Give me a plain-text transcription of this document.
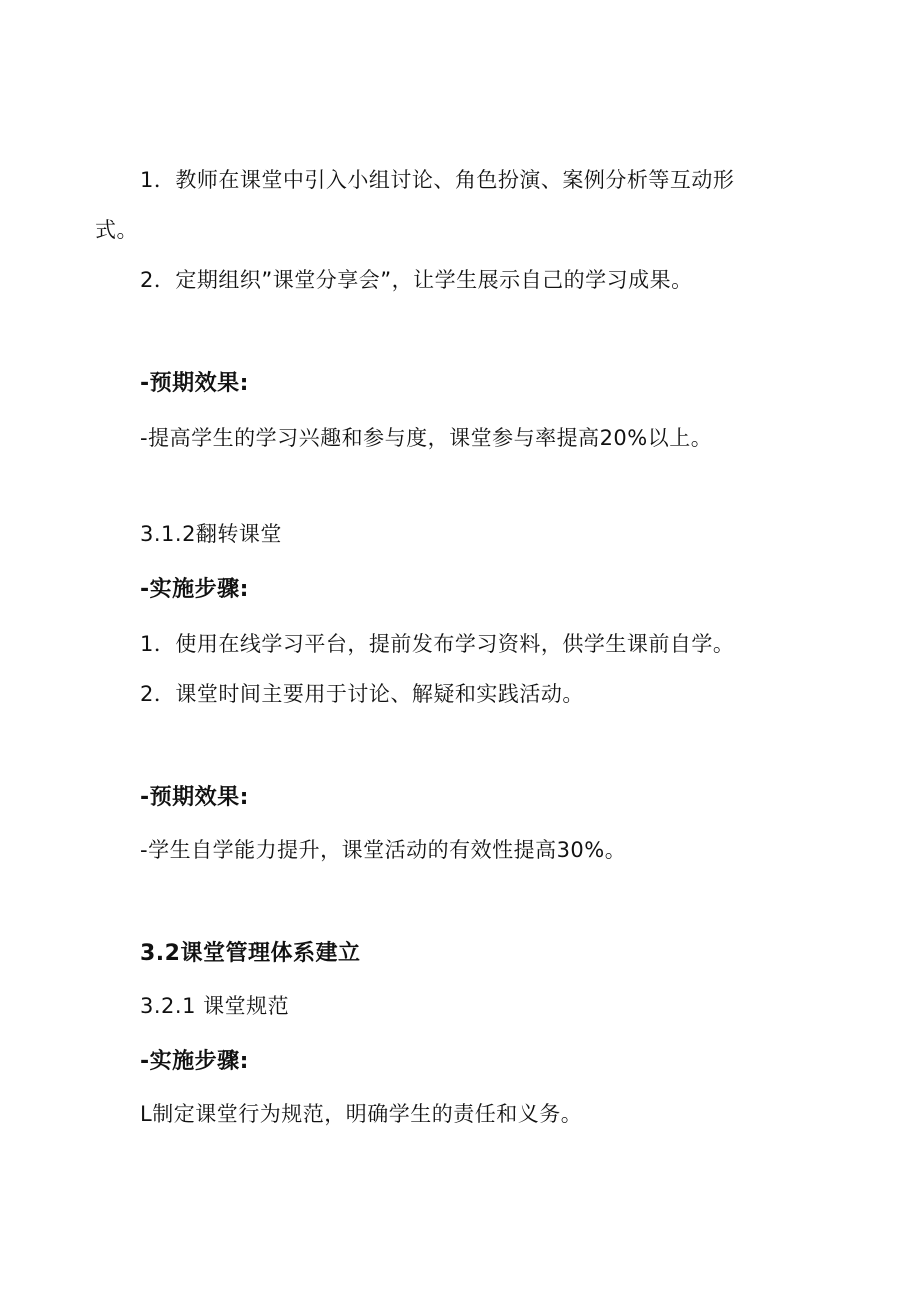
1．教师在课堂中引入小组讨论、角色扮演、案例分析等互动形
式。
2．定期组织”课堂分享会”，让学生展示自己的学习成果。
-预期效果:
-提高学生的学习兴趣和参与度，课堂参与率提高20%以上。
3.1.2翻转课堂
-实施步骤:
1．使用在线学习平台，提前发布学习资料，供学生课前自学。
2．课堂时间主要用于讨论、解疑和实践活动。
-预期效果:
-学生自学能力提升，课堂活动的有效性提高30%。
3.2课堂管理体系建立
3.2.1 课堂规范
-实施步骤:
L制定课堂行为规范，明确学生的责任和义务。
